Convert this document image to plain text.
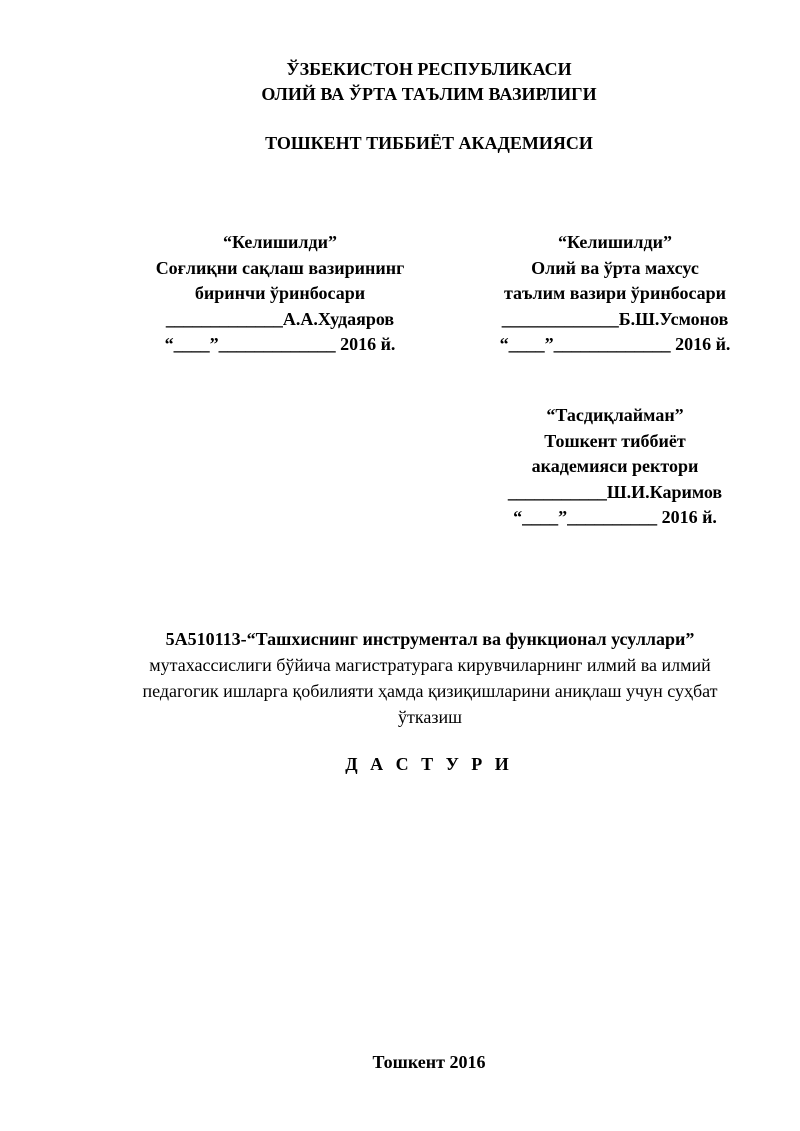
ЎЗБЕКИСТОН РЕСПУБЛИКАСИ
ОЛИЙ ВА ЎРТА ТАЪЛИМ ВАЗИРЛИГИ
ТОШКЕНТ ТИББИЁТ АКАДЕМИЯСИ
“Келишилди”
Соғлиқни сақлаш вазирининг
биринчи ўринбосари
_____________А.А.Худаяров
“____”_____________ 2016 й.
“Келишилди”
Олий ва ўрта махсус
таълим вазири ўринбосари
_____________Б.Ш.Усмонов
“____”_____________ 2016 й.
“Тасдиқлайман”
Тошкент тиббиёт
академияси ректори
___________Ш.И.Каримов
“____”__________ 2016 й.
5А510113-“Ташхиснинг инструментал ва функционал усуллари”
мутахассислиги бўйича магистратурага кирувчиларнинг илмий ва илмий
педагогик ишларга қобилияти ҳамда қизиқишларини аниқлаш учун суҳбат
ўтказиш
Д А С Т У Р И
Тошкент 2016
